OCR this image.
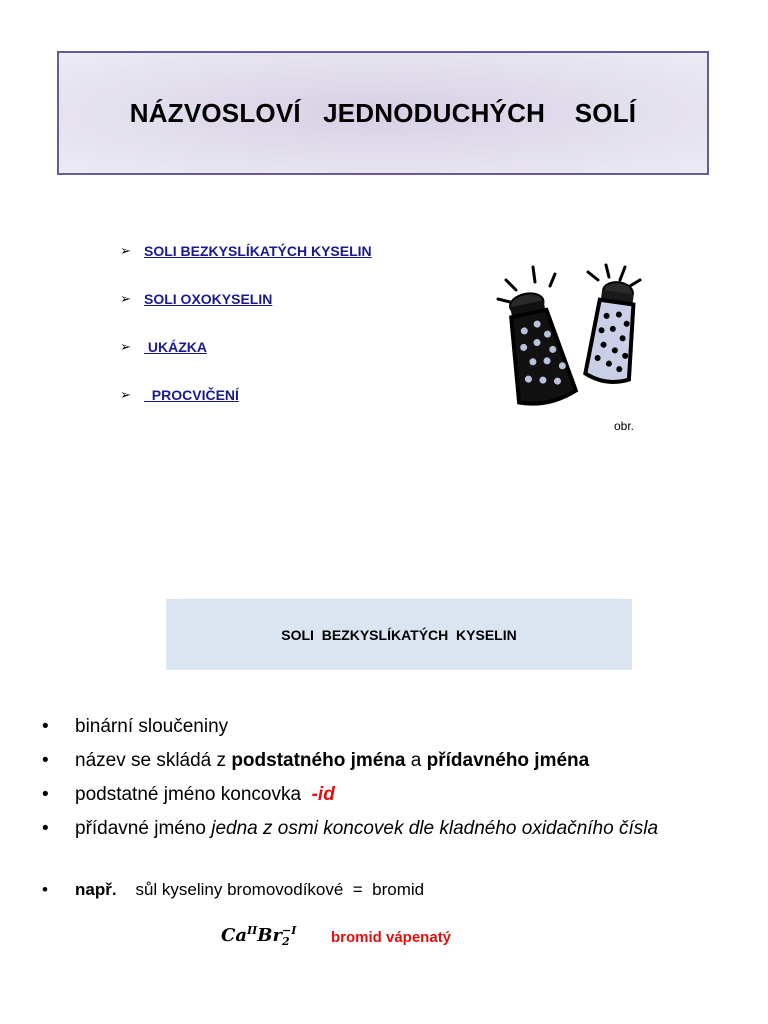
NÁZVOSLOVÍ   JEDNODUCHÝCH    SOLÍ
➢ SOLI BEZKYSLÍKATÝCH KYSELIN
➢ SOLI OXOKYSELIN
➢ UKÁZKA
➢ PROCVIČENÍ
obr.
SOLI  BEZKYSLÍKATÝCH  KYSELIN
•	binární sloučeniny
•	název se skládá z podstatného jména a přídavného jména
•	podstatné jméno koncovka  -id
•	přídavné jméno jedna z osmi koncovek dle kladného oxidačního čísla
•	např. sůl kyseliny bromovodíkové  =  bromid
$Ca^{II}Br -I$
2	bromid vápenatý
